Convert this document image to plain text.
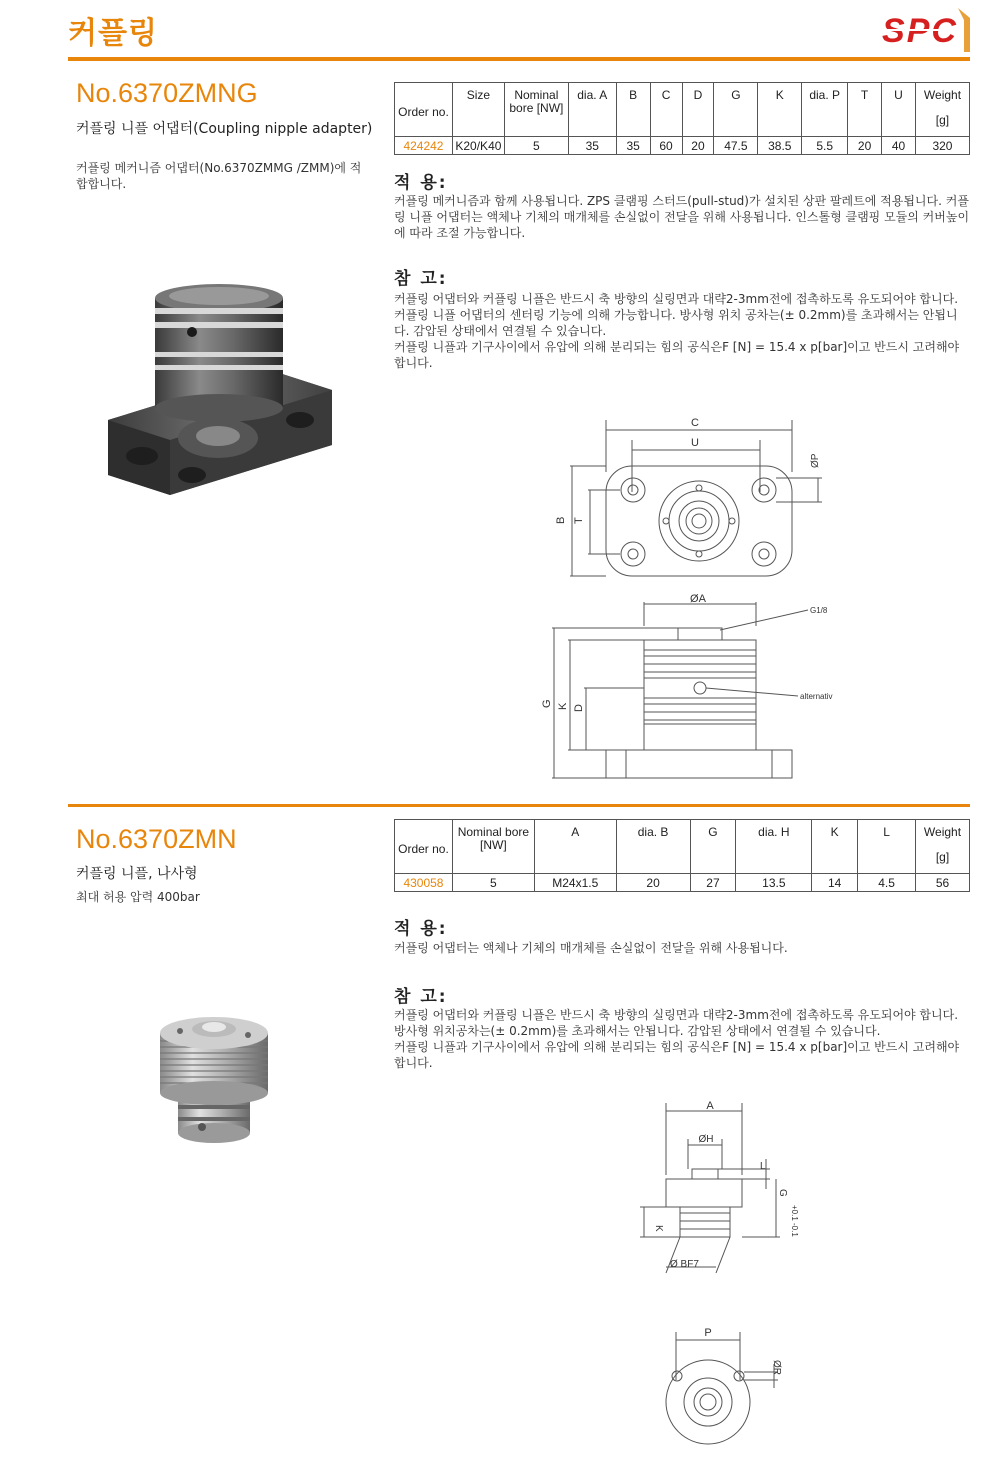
커플링	SPC
No.6370ZMNG
커플링 니플 어댑터(Coupling nipple adapter)
커플링 메커니즘 어댑터(No.6370ZMMG /ZMM)에 적합합니다.
Order no.	Size	Nominal bore [NW]	dia. A	B	C	D	G	K	dia. P	T	U	Weight
[g]

424242	K20/K40	5	35	35	60	20	47.5	38.5	5.5	20	40	320
적 용:
커플링 메커니즘과 함께 사용됩니다. ZPS 클램핑 스터드(pull-stud)가 설치된 상판 팔레트에 적용됩니다. 커플링 니플 어댑터는 액체나 기체의 매개체를 손실없이 전달을 위해 사용됩니다. 인스톨형 클램핑 모듈의 커버높이에 따라 조절 가능합니다.
참 고:
커플링 어댑터와 커플링 니플은 반드시 축 방향의 실링면과 대략2-3mm전에 접촉하도록 유도되어야 합니다. 커플링 니플 어댑터의 센터링 기능에 의해 가능합니다. 방사형 위치 공차는(± 0.2mm)를 초과해서는 안됩니다. 감압된 상태에서 연결될 수 있습니다.
커플링 니플과 기구사이에서 유압에 의해 분리되는 힘의 공식은F [N] = 15.4 x p[bar]이고 반드시 고려해야 합니다.
C
U
ØP
B T
ØA
G1/8
alternativ
G K D
No.6370ZMN
커플링 니플, 나사형
최대 허용 압력 400bar
Order no.	Nominal bore [NW]	A	dia. B	G	dia. H	K	L	Weight
[g]

430058	5	M24x1.5	20	27	13.5	14	4.5	56
적 용:
커플링 어댑터는 액체나 기체의 매개체를 손실없이 전달을 위해 사용됩니다.
참 고:
커플링 어댑터와 커플링 니플은 반드시 축 방향의 실링면과 대략2-3mm전에 접촉하도록 유도되어야 합니다. 방사형 위치공차는(± 0.2mm)를 초과해서는 안됩니다. 감압된 상태에서 연결될 수 있습니다.
커플링 니플과 기구사이에서 유압에 의해 분리되는 힘의 공식은F [N] = 15.4 x p[bar]이고 반드시 고려해야 합니다.
A
ØH
L
G
+0.1 -0.1
K
Ø BF7
P
ØR
